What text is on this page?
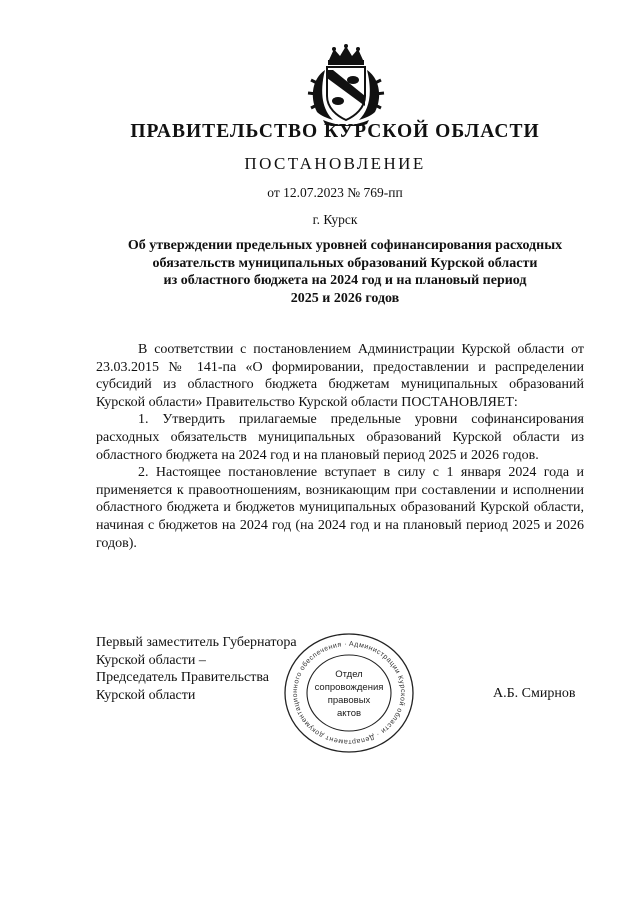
ПРАВИТЕЛЬСТВО КУРСКОЙ ОБЛАСТИ
ПОСТАНОВЛЕНИЕ
от 12.07.2023 № 769-пп
г. Курск
Об утверждении предельных уровней софинансирования расходных
обязательств муниципальных образований Курской области
из областного бюджета на 2024 год и на плановый период
2025 и 2026 годов

В соответствии с постановлением Администрации Курской области от 23.03.2015 № 141-па «О формировании, предоставлении и распределении субсидий из областного бюджета бюджетам муниципальных образований Курской области» Правительство Курской области ПОСТАНОВЛЯЕТ:

1. Утвердить прилагаемые предельные уровни софинансирования расходных обязательств муниципальных образований Курской области из областного бюджета на 2024 год и на плановый период 2025 и 2026 годов.

2. Настоящее постановление вступает в силу с 1 января 2024 года и применяется к правоотношениям, возникающим при составлении и исполнении областного бюджета и бюджетов муниципальных образований Курской области, начиная с бюджетов на 2024 год (на 2024 год и на плановый период 2025 и 2026 годов).

Первый заместитель Губернатора
Курской области –
Председатель Правительства
Курской области
Администрации Курской области · Департамент документационного обеспечения ·
Отдел
сопровождения
правовых
актов
А.Б. Смирнов
